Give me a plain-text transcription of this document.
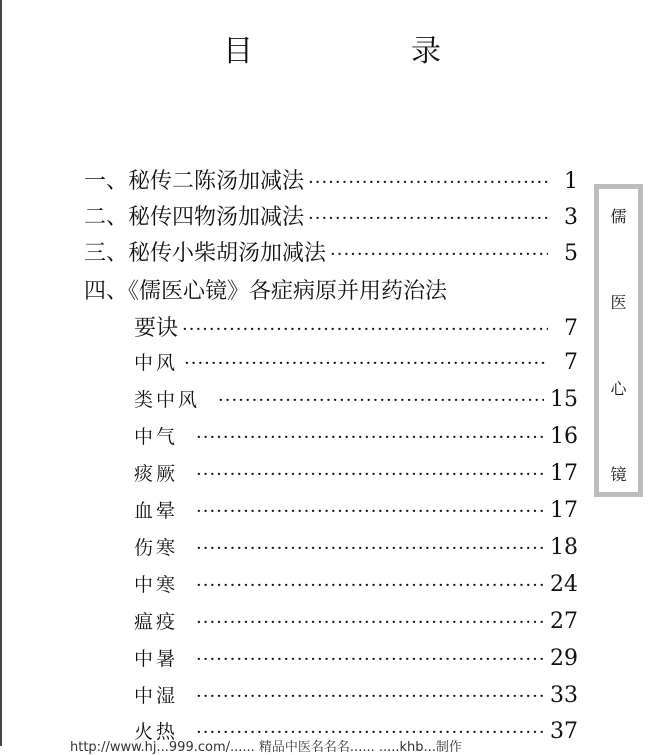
目　录
一、秘传二陈汤加减法 ·····	1
二、秘传四物汤加减法 ·····	3
三、秘传小柴胡汤加减法 ·····	5
四、《儒医心镜》各症病原并用药治法
要诀 ·····	7
中风 ·····	7
类中风 ·····	15
中气 ·····	16
痰厥 ·····	17
血晕 ·····	17
伤寒 ·····	18
中寒 ·····	24
瘟疫 ·····	27
中暑 ·····	29
中湿 ·····	33
火热 ·····	37
儒
医
心
镜
http://www.hj...999.com/...... 精品中医名名名...... .....khb...制作
